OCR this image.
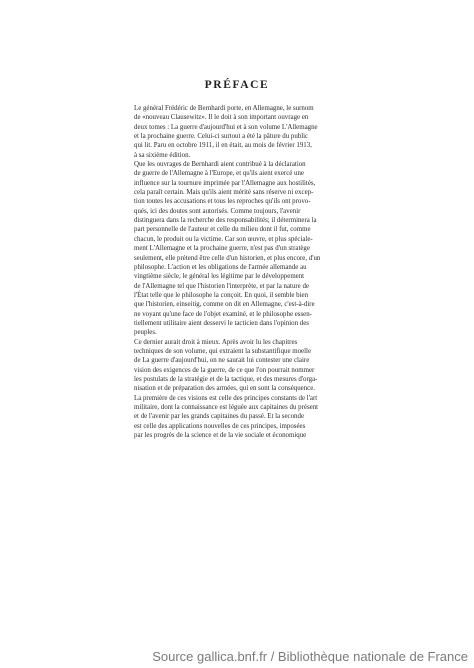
PRÉFACE

Le général Frédéric de Bernhardi porte, en Allemagne, le surnom
de «nouveau Clausewitz». Il le doit à son important ouvrage en
deux tomes : La guerre d'aujourd'hui et à son volume L'Allemagne
et la prochaine guerre. Celui-ci surtout a été la pâture du public
qui lit. Paru en octobre 1911, il en était, au mois de février 1913,
à sa sixième édition.

Que les ouvrages de Bernhardi aient contribué à la déclaration
de guerre de l'Allemagne à l'Europe, et qu'ils aient exercé une
influence sur la tournure imprimée par l'Allemagne aux hostilités,
cela paraît certain. Mais qu'ils aient mérité sans réserve ni excep-
tion toutes les accusations et tous les reproches qu'ils ont provo-
qués, ici des doutes sont autorisés. Comme toujours, l'avenir
distinguera dans la recherche des responsabilités; il déterminera la
part personnelle de l'auteur et celle du milieu dont il fut, comme
chacun, le produit ou la victime. Car son œuvre, et plus spéciale-
ment L'Allemagne et la prochaine guerre, n'est pas d'un stratège
seulement, elle prétend être celle d'un historien, et plus encore, d'un
philosophe. L'action et les obligations de l'armée allemande au
vingtième siècle, le général les légitime par le développement
de l'Allemagne tel que l'historien l'interprète, et par la nature de
l'État telle que le philosophe la conçoit. En quoi, il semble bien
que l'historien, einseitig, comme on dit en Allemagne, c'est-à-dire
ne voyant qu'une face de l'objet examiné, et le philosophe essen-
tiellement utilitaire aient desservi le tacticien dans l'opinion des
peuples.

Ce dernier aurait droit à mieux. Après avoir lu les chapitres
techniques de son volume, qui extraient la substantifique moelle
de La guerre d'aujourd'hui, on ne saurait lui contester une claire
vision des exigences de la guerre, de ce que l'on pourrait nommer
les postulats de la stratégie et de la tactique, et des mesures d'orga-
nisation et de préparation des armées, qui en sont la conséquence.
La première de ces visions est celle des principes constants de l'art
militaire, dont la connaissance est léguée aux capitaines du présent
et de l'avenir par les grands capitaines du passé. Et la seconde
est celle des applications nouvelles de ces principes, imposées
par les progrès de la science et de la vie sociale et économique

Source gallica.bnf.fr / Bibliothèque nationale de France
